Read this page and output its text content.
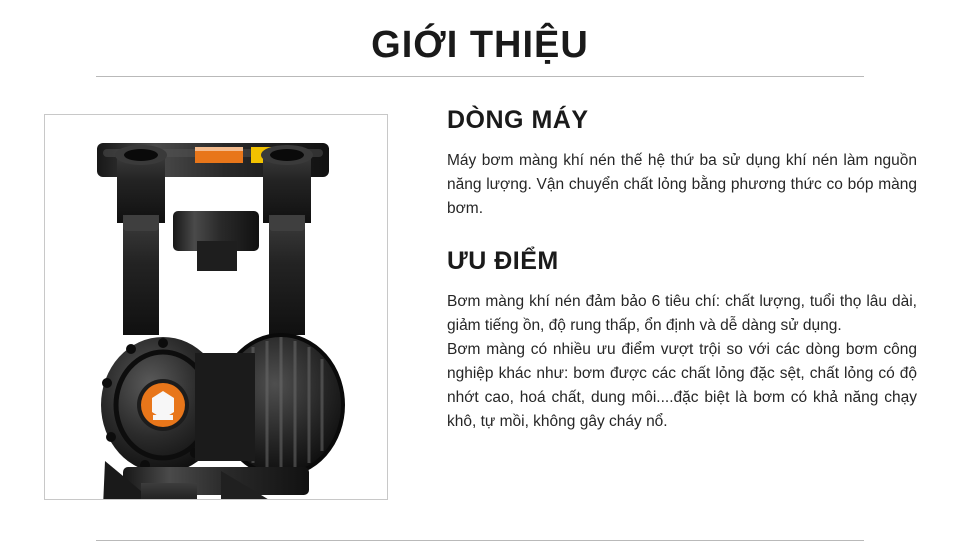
GIỚI THIỆU
DÒNG MÁY

Máy bơm màng khí nén thế hệ thứ ba sử dụng khí nén làm nguồn năng lượng. Vận chuyển chất lỏng bằng phương thức co bóp màng bơm.

ƯU ĐIỂM

Bơm màng khí nén đảm bảo 6 tiêu chí: chất lượng, tuổi thọ lâu dài, giảm tiếng ồn, độ rung thấp, ổn định và dễ dàng sử dụng.

Bơm màng có nhiều ưu điểm vượt trội so với các dòng bơm công nghiệp khác như: bơm được các chất lỏng đặc sệt, chất lỏng có độ nhớt cao, hoá chất, dung môi....đặc biệt là bơm có khả năng chạy khô, tự mồi, không gây cháy nổ.
